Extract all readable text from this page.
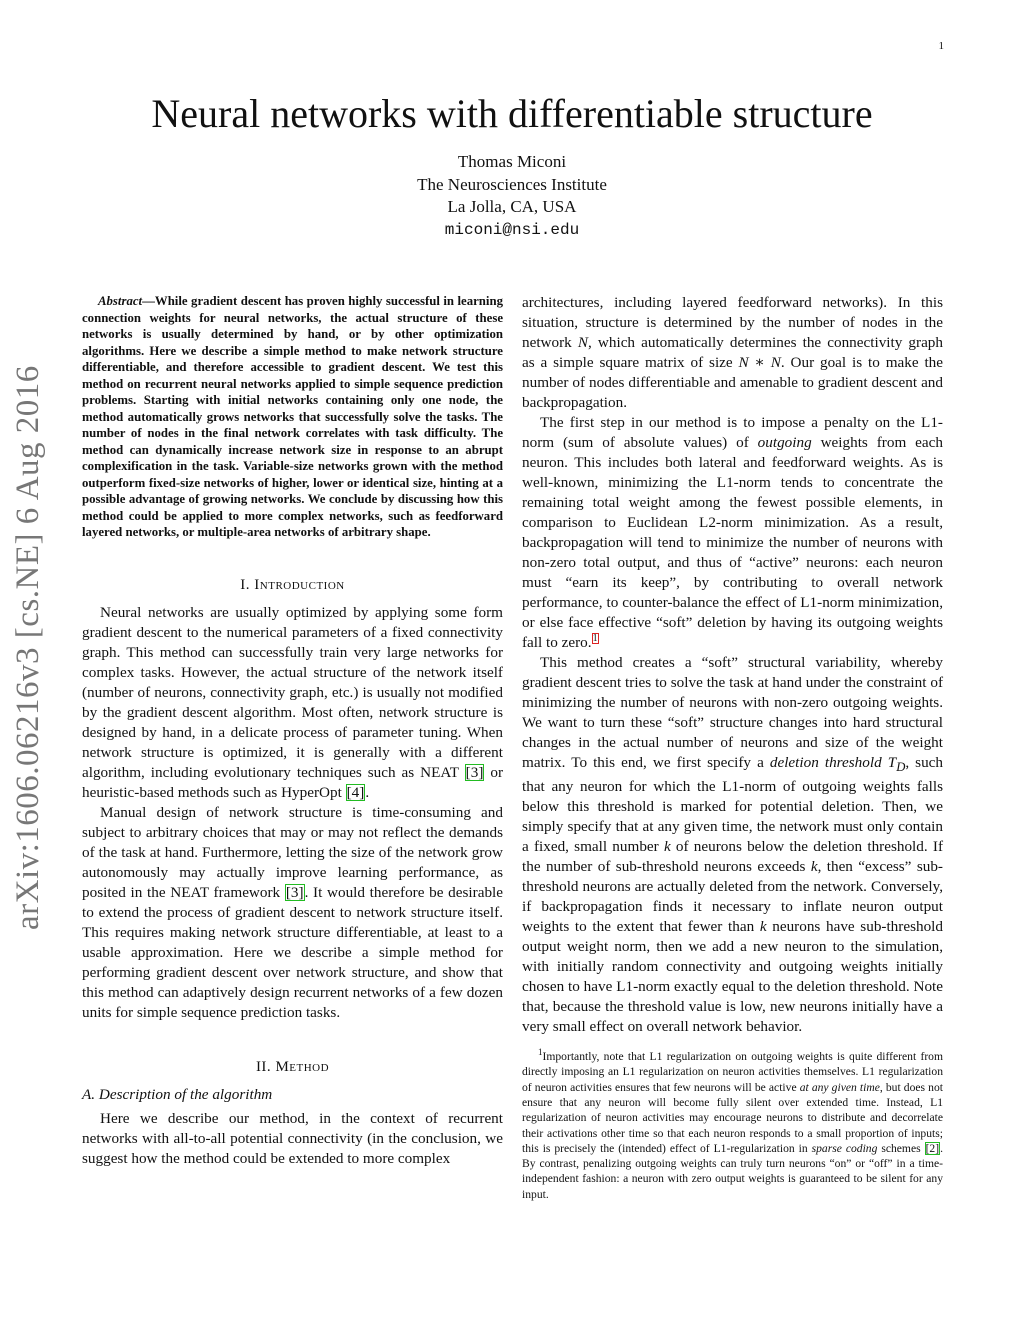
1
arXiv:1606.06216v3 [cs.NE] 6 Aug 2016
Neural networks with differentiable structure
Thomas Miconi
The Neurosciences Institute
La Jolla, CA, USA
miconi@nsi.edu

Abstract—While gradient descent has proven highly successful in learning connection weights for neural networks, the actual structure of these networks is usually determined by hand, or by other optimization algorithms. Here we describe a simple method to make network structure differentiable, and therefore accessible to gradient descent. We test this method on recurrent neural networks applied to simple sequence prediction problems. Starting with initial networks containing only one node, the method automatically grows networks that successfully solve the tasks. The number of nodes in the final network correlates with task difficulty. The method can dynamically increase network size in response to an abrupt complexification in the task. Variable-size networks grown with the method outperform fixed-size networks of higher, lower or identical size, hinting at a possible advantage of growing networks. We conclude by discussing how this method could be applied to more complex networks, such as feedforward layered networks, or multiple-area networks of arbitrary shape.

I. Introduction

Neural networks are usually optimized by applying some form gradient descent to the numerical parameters of a fixed connectivity graph. This method can successfully train very large networks for complex tasks. However, the actual structure of the network itself (number of neurons, connectivity graph, etc.) is usually not modified by the gradient descent algorithm. Most often, network structure is designed by hand, in a delicate process of parameter tuning. When network structure is optimized, it is generally with a different algorithm, including evolutionary techniques such as NEAT [3] or heuristic-based methods such as HyperOpt [4].

Manual design of network structure is time-consuming and subject to arbitrary choices that may or may not reflect the demands of the task at hand. Furthermore, letting the size of the network grow autonomously may actually improve learning performance, as posited in the NEAT framework [3]. It would therefore be desirable to extend the process of gradient descent to network structure itself. This requires making network structure differentiable, at least to a usable approximation. Here we describe a simple method for performing gradient descent over network structure, and show that this method can adaptively design recurrent networks of a few dozen units for simple sequence prediction tasks.

II. Method

A. Description of the algorithm

Here we describe our method, in the context of recurrent networks with all-to-all potential connectivity (in the conclusion, we suggest how the method could be extended to more complex

architectures, including layered feedforward networks). In this situation, structure is determined by the number of nodes in the network N, which automatically determines the connectivity graph as a simple square matrix of size N ∗ N. Our goal is to make the number of nodes differentiable and amenable to gradient descent and backpropagation.

The first step in our method is to impose a penalty on the L1-norm (sum of absolute values) of outgoing weights from each neuron. This includes both lateral and feedforward weights. As is well-known, minimizing the L1-norm tends to concentrate the remaining total weight among the fewest possible elements, in comparison to Euclidean L2-norm minimization. As a result, backpropagation will tend to minimize the number of neurons with non-zero total output, and thus of “active” neurons: each neuron must “earn its keep”, by contributing to overall network performance, to counter-balance the effect of L1-norm minimization, or else face effective “soft” deletion by having its outgoing weights fall to zero.$^1$

This method creates a “soft” structural variability, whereby gradient descent tries to solve the task at hand under the constraint of minimizing the number of neurons with non-zero outgoing weights. We want to turn these “soft” structure changes into hard structural changes in the actual number of neurons and size of the weight matrix. To this end, we first specify a deletion threshold $T_D$, such that any neuron for which the L1-norm of outgoing weights falls below this threshold is marked for potential deletion. Then, we simply specify that at any given time, the network must only contain a fixed, small number k of neurons below the deletion threshold. If the number of sub-threshold neurons exceeds k, then “excess” sub-threshold neurons are actually deleted from the network. Conversely, if backpropagation finds it necessary to inflate neuron output weights to the extent that fewer than k neurons have sub-threshold output weight norm, then we add a new neuron to the simulation, with initially random connectivity and outgoing weights initially chosen to have L1-norm exactly equal to the deletion threshold. Note that, because the threshold value is low, new neurons initially have a very small effect on overall network behavior.

$^1$Importantly, note that L1 regularization on outgoing weights is quite different from directly imposing an L1 regularization on neuron activities themselves. L1 regularization of neuron activities ensures that few neurons will be active at any given time, but does not ensure that any neuron will become fully silent over extended time. Instead, L1 regularization of neuron activities may encourage neurons to distribute and decorrelate their activations other time so that each neuron responds to a small proportion of inputs; this is precisely the (intended) effect of L1-regularization in sparse coding schemes [2]. By contrast, penalizing outgoing weights can truly turn neurons “on” or “off” in a time-independent fashion: a neuron with zero output weights is guaranteed to be silent for any input.
